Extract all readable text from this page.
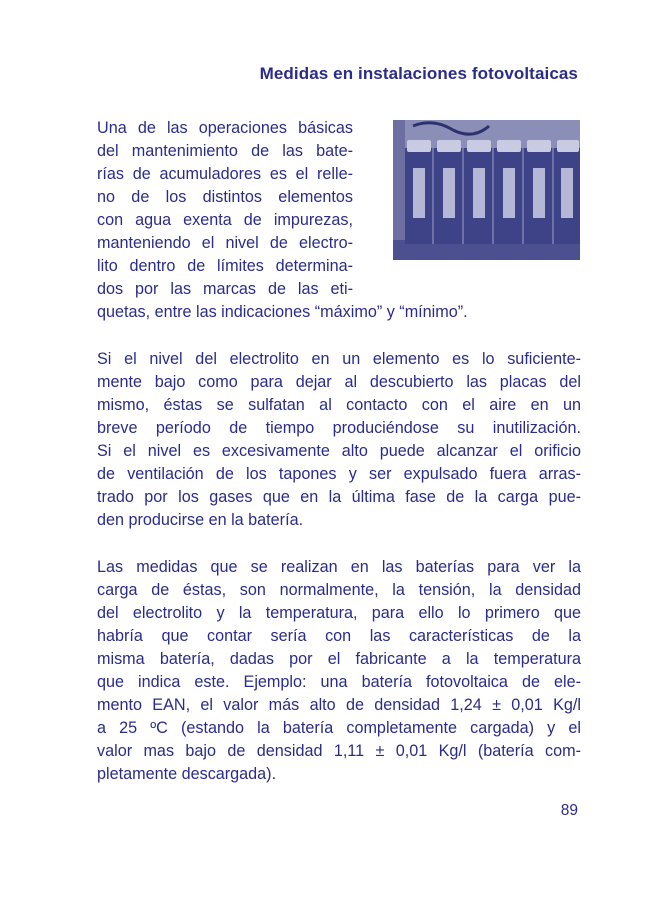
Medidas en instalaciones fotovoltaicas
Una de las operaciones básicas
del mantenimiento de las bate-
rías de acumuladores es el relle-
no de los distintos elementos
con agua exenta de impurezas,
manteniendo el nivel de electro-
lito dentro de límites determina-
dos por las marcas de las eti-
quetas, entre las indicaciones “máximo” y “mínimo”.
Si el nivel del electrolito en un elemento es lo suficiente-
mente bajo como para dejar al descubierto las placas del
mismo, éstas se sulfatan al contacto con el aire en un
breve período de tiempo produciéndose su inutilización.
Si el nivel es excesivamente alto puede alcanzar el orificio
de ventilación de los tapones y ser expulsado fuera arras-
trado por los gases que en la última fase de la carga pue-
den producirse en la batería.
Las medidas que se realizan en las baterías para ver la
carga de éstas, son normalmente, la tensión, la densidad
del electrolito y la temperatura, para ello lo primero que
habría que contar sería con las características de la
misma batería, dadas por el fabricante a la temperatura
que indica este. Ejemplo: una batería fotovoltaica de ele-
mento EAN, el valor más alto de densidad 1,24 ± 0,01 Kg/l
a 25 ºC (estando la batería completamente cargada) y el
valor mas bajo de densidad 1,11 ± 0,01 Kg/l (batería com-
pletamente descargada).
89
